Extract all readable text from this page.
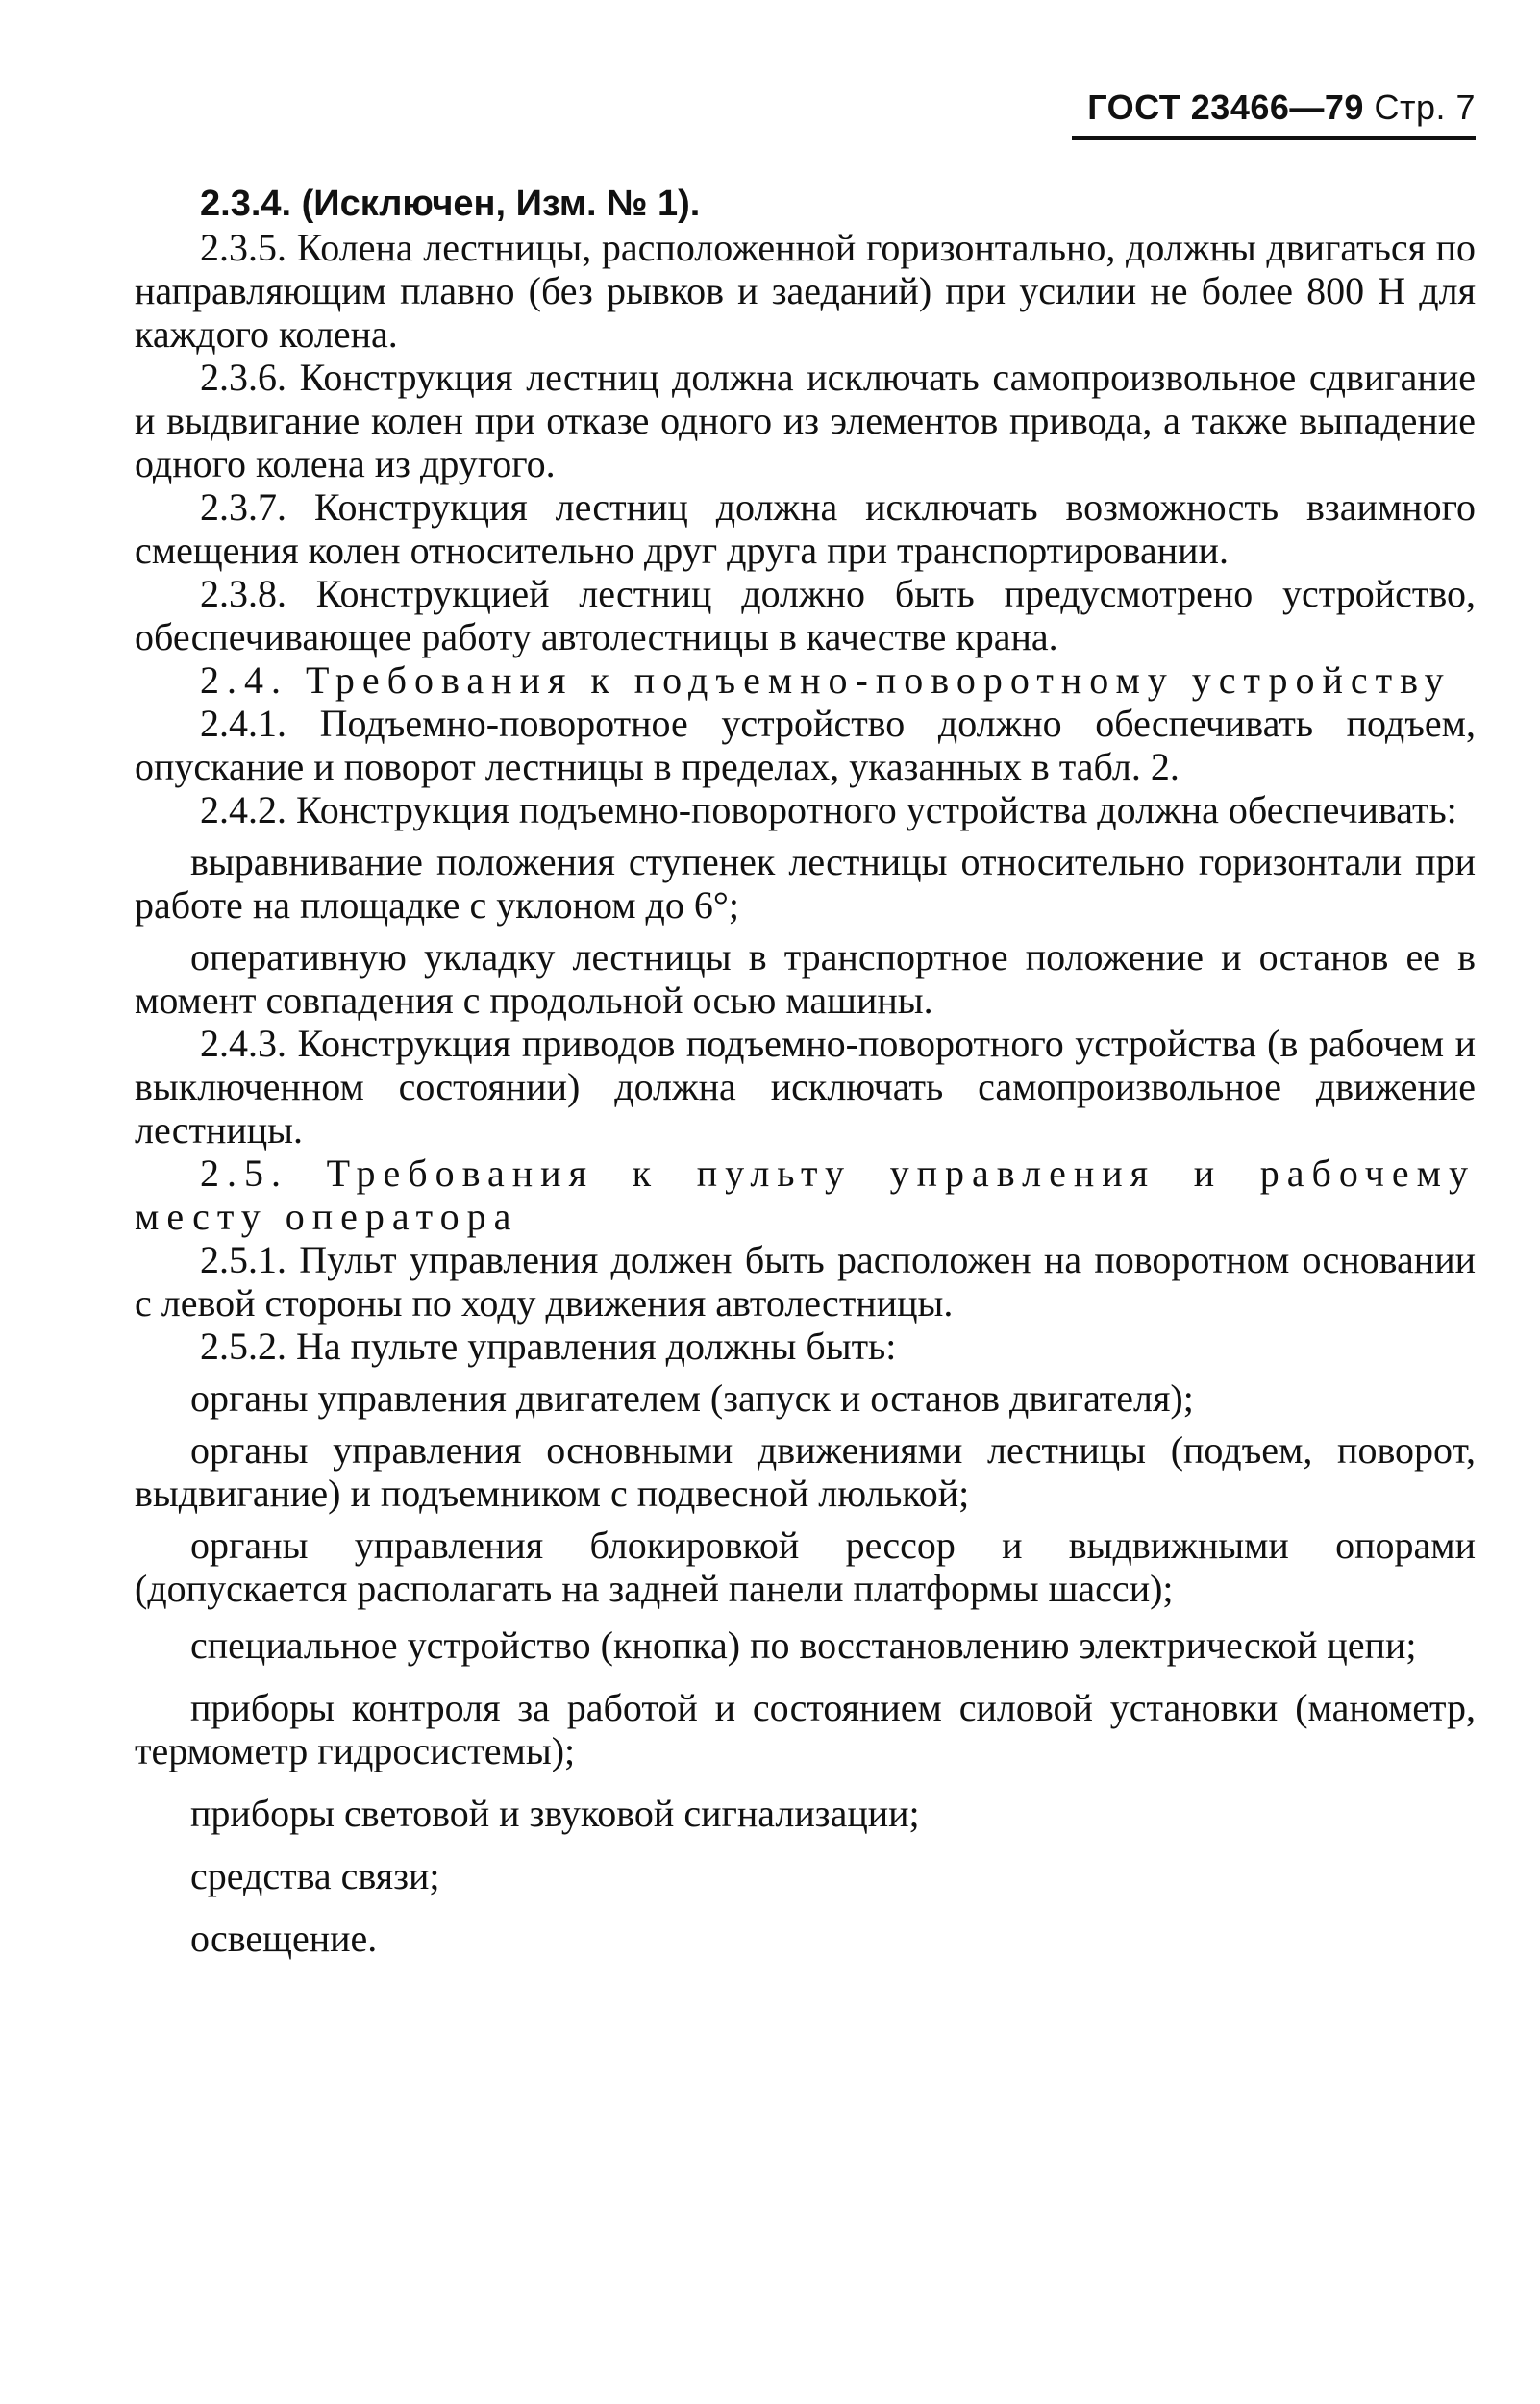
ГОСТ 23466—79 Стр. 7

2.3.4. (Исключен, Изм. № 1).

2.3.5. Колена лестницы, расположенной горизонтально, должны двигаться по направляющим плавно (без рывков и заеданий) при усилии не более 800 Н для каждого колена.

2.3.6. Конструкция лестниц должна исключать самопроизвольное сдвигание и выдвигание колен при отказе одного из элементов привода, а также выпадение одного колена из другого.

2.3.7. Конструкция лестниц должна исключать возможность взаимного смещения колен относительно друг друга при транспортировании.

2.3.8. Конструкцией лестниц должно быть предусмотрено устройство, обеспечивающее работу автолестницы в качестве крана.

2.4. Требования к подъемно-поворотному устройству

2.4.1. Подъемно-поворотное устройство должно обеспечивать подъем, опускание и поворот лестницы в пределах, указанных в табл. 2.

2.4.2. Конструкция подъемно-поворотного устройства должна обеспечивать:

выравнивание положения ступенек лестницы относительно горизонтали при работе на площадке с уклоном до 6°;

оперативную укладку лестницы в транспортное положение и останов ее в момент совпадения с продольной осью машины.

2.4.3. Конструкция приводов подъемно-поворотного устройства (в рабочем и выключенном состоянии) должна исключать самопроизвольное движение лестницы.

2.5. Требования к пульту управления и рабочему месту оператора

2.5.1. Пульт управления должен быть расположен на поворотном основании с левой стороны по ходу движения автолестницы.

2.5.2. На пульте управления должны быть:

органы управления двигателем (запуск и останов двигателя);

органы управления основными движениями лестницы (подъем, поворот, выдвигание) и подъемником с подвесной люлькой;

органы управления блокировкой рессор и выдвижными опорами (допускается располагать на задней панели платформы шасси);

специальное устройство (кнопка) по восстановлению электрической цепи;

приборы контроля за работой и состоянием силовой установки (манометр, термометр гидросистемы);

приборы световой и звуковой сигнализации;

средства связи;

освещение.
